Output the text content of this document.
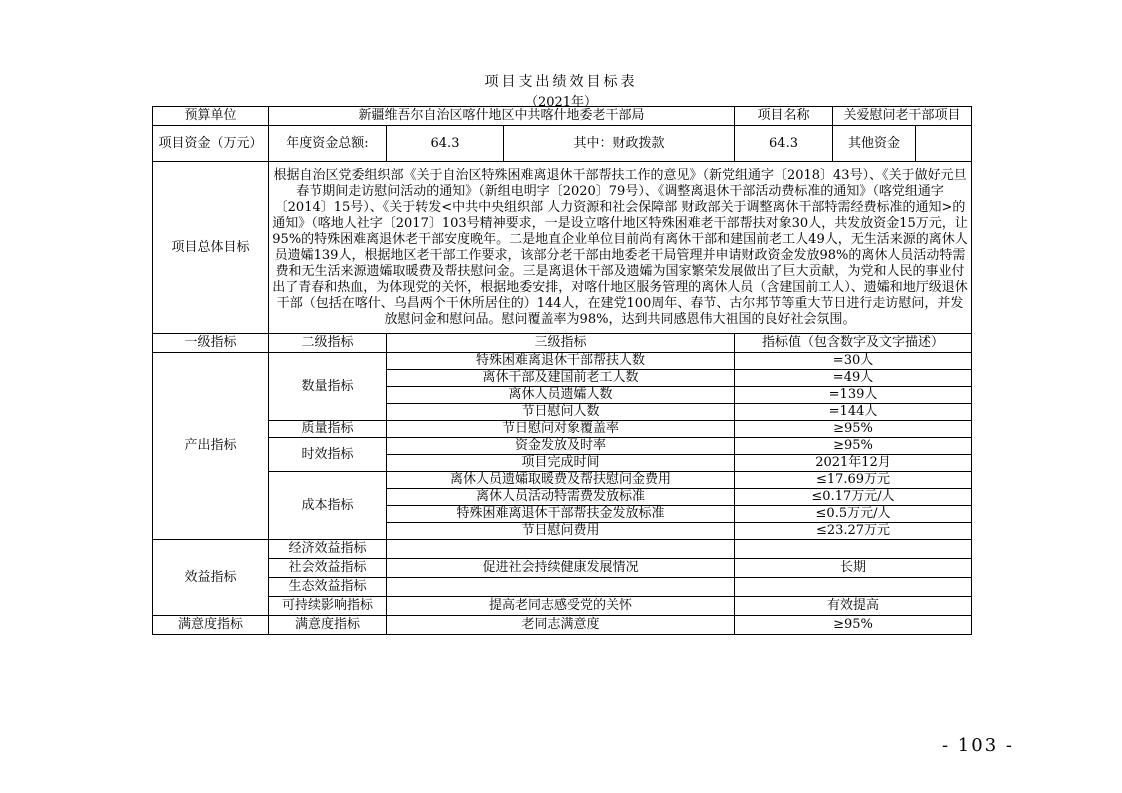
项目支出绩效目标表
（2021年）
预算单位	新疆维吾尔自治区喀什地区中共喀什地委老干部局			项目名称	关爱慰问老干部项目
项目资金（万元）	年度资金总额:	64.3	其中：财政拨款	64.3	其他资金

项目总体目标	根据自治区党委组织部《关于自治区特殊困难离退休干部帮扶工作的意见》（新党组通字〔2018〕43号）、《关于做好元旦春节期间走访慰问活动的通知》（新组电明字〔2020〕79号）、《调整离退休干部活动费标准的通知》（喀党组通字〔2014〕15号）、《关于转发<中共中央组织部 人力资源和社会保障部 财政部关于调整离休干部特需经费标准的通知>的通知》（喀地人社字〔2017〕103号精神要求，一是设立喀什地区特殊困难老干部帮扶对象30人，共发放资金15万元，让95%的特殊困难离退休老干部安度晚年。二是地直企业单位目前尚有离休干部和建国前老工人49人，无生活来源的离休人员遗孀139人，根据地区老干部工作要求，该部分老干部由地委老干局管理并申请财政资金发放98%的离休人员活动特需费和无生活来源遗孀取暖费及帮扶慰问金。三是离退休干部及遗孀为国家繁荣发展做出了巨大贡献，为党和人民的事业付出了青春和热血，为体现党的关怀，根据地委安排，对喀什地区服务管理的离休人员（含建国前工人）、遗孀和地厅级退休干部（包括在喀什、乌昌两个干休所居住的）144人，在建党100周年、春节、古尔邦节等重大节日进行走访慰问，并发放慰问金和慰问品。慰问覆盖率为98%，达到共同感恩伟大祖国的良好社会氛围。				
一级指标	二级指标	三级指标		指标值（包含数字及文字描述）	
产出指标	数量指标	特殊困难离退休干部帮扶人数		=30人	
		离休干部及建国前老工人数		=49人	
		离休人员遗孀人数		=139人	
		节日慰问人数		=144人	
	质量指标	节日慰问对象覆盖率		≥95%	
	时效指标	资金发放及时率		≥95%	
		项目完成时间		2021年12月	
	成本指标	离休人员遗孀取暖费及帮扶慰问金费用		≤17.69万元	
		离休人员活动特需费发放标准		≤0.17万元/人	
		特殊困难离退休干部帮扶金发放标准		≤0.5万元/人	
		节日慰问费用		≤23.27万元	
效益指标	经济效益指标				
	社会效益指标	促进社会持续健康发展情况		长期	
	生态效益指标				
	可持续影响指标	提高老同志感受党的关怀		有效提高	
满意度指标	满意度指标	老同志满意度		≥95%	
- 103 -
